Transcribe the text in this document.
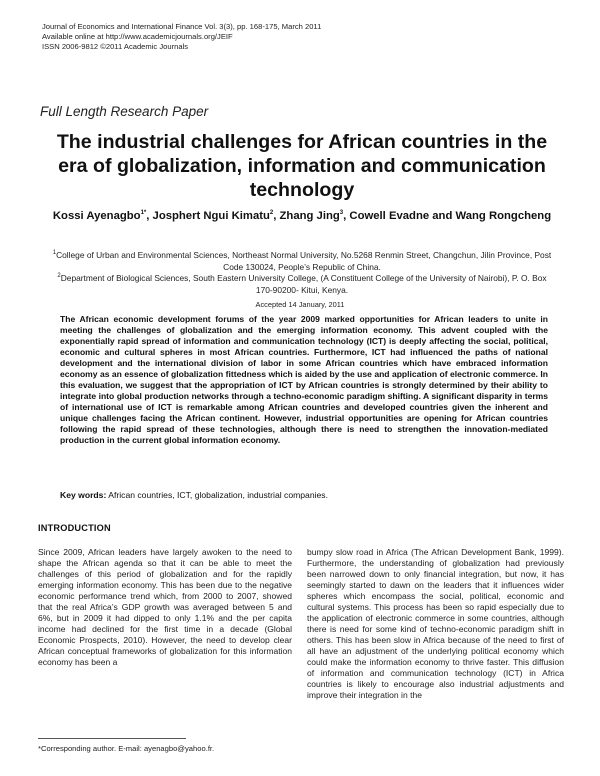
Journal of Economics and International Finance Vol. 3(3), pp. 168-175, March 2011
Available online at http://www.academicjournals.org/JEIF
ISSN 2006-9812 ©2011 Academic Journals
Full Length Research Paper
The industrial challenges for African countries in the era of globalization, information and communication technology
Kossi Ayenagbo$^{1*}$, Josphert Ngui Kimatu$^2$, Zhang Jing$^3$, Cowell Evadne and Wang Rongcheng

$^1$College of Urban and Environmental Sciences, Northeast Normal University, No.5268 Renmin Street, Changchun, Jilin Province, Post Code 130024, People’s Republic of China.

$^2$Department of Biological Sciences, South Eastern University College, (A Constituent College of the University of Nairobi), P. O. Box 170-90200- Kitui, Kenya.

Accepted 14 January, 2011

The African economic development forums of the year 2009 marked opportunities for African leaders to unite in meeting the challenges of globalization and the emerging information economy. This advent coupled with the exponentially rapid spread of information and communication technology (ICT) is deeply affecting the social, political, economic and cultural spheres in most African countries. Furthermore, ICT had influenced the paths of national development and the international division of labor in some African countries which have embraced information economy as an essence of globalization fittedness which is aided by the use and application of electronic commerce. In this evaluation, we suggest that the appropriation of ICT by African countries is strongly determined by their ability to integrate into global production networks through a techno-economic paradigm shifting. A significant disparity in terms of international use of ICT is remarkable among African countries and developed countries given the inherent and unique challenges facing the African continent. However, industrial opportunities are opening for African countries following the rapid spread of these technologies, although there is need to strengthen the innovation-mediated production in the current global information economy.

Key words: African countries, ICT, globalization, industrial companies.
INTRODUCTION

Since 2009, African leaders have largely awoken to the need to shape the African agenda so that it can be able to meet the challenges of this period of globalization and for the rapidly emerging information economy. This has been due to the negative economic performance trend which, from 2000 to 2007, showed that the real Africa’s GDP growth was averaged between 5 and 6%, but in 2009 it had dipped to only 1.1% and the per capita income had declined for the first time in a decade (Global Economic Prospects, 2010). However, the need to develop clear African conceptual frameworks of globalization for this information economy has been a

bumpy slow road in Africa (The African Development Bank, 1999). Furthermore, the understanding of globalization had previously been narrowed down to only financial integration, but now, it has seemingly started to dawn on the leaders that it influences wider spheres which encompass the social, political, economic and cultural systems. This process has been so rapid especially due to the application of electronic commerce in some countries, although there is need for some kind of techno-economic paradigm shift in others. This has been slow in Africa because of the need to first of all have an adjustment of the underlying political economy which could make the information economy to thrive faster. This diffusion of information and communication technology (ICT) in Africa countries is likely to encourage also industrial adjustments and improve their integration in the

*Corresponding author. E-mail: ayenagbo@yahoo.fr.
